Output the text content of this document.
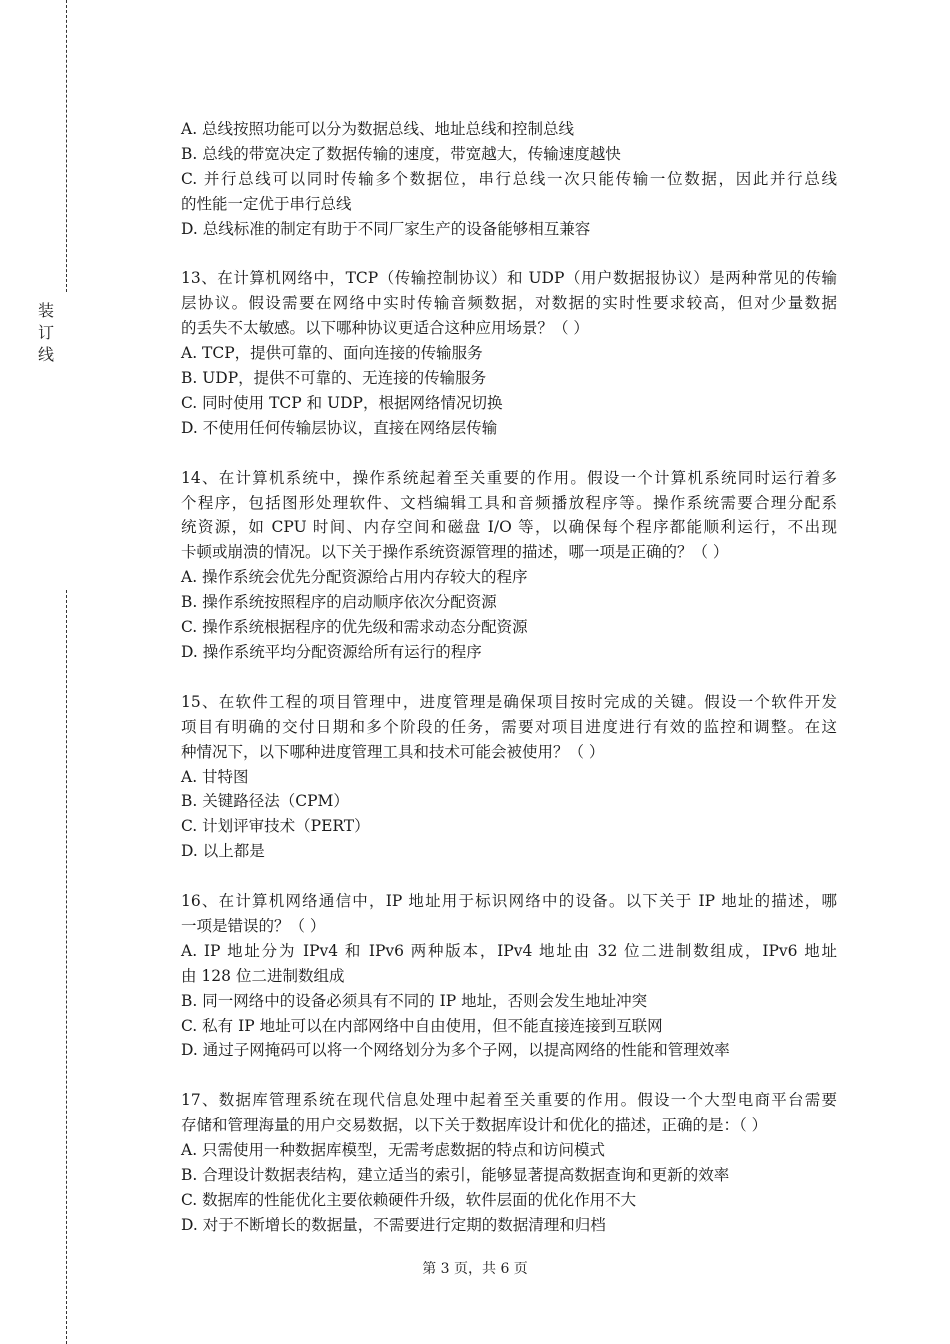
装
订
线
A. 总线按照功能可以分为数据总线、地址总线和控制总线
B. 总线的带宽决定了数据传输的速度，带宽越大，传输速度越快
C. 并行总线可以同时传输多个数据位，串行总线一次只能传输一位数据，因此并行总线
的性能一定优于串行总线
D. 总线标准的制定有助于不同厂家生产的设备能够相互兼容
13、在计算机网络中，TCP（传输控制协议）和 UDP（用户数据报协议）是两种常见的传输
层协议。假设需要在网络中实时传输音频数据，对数据的实时性要求较高，但对少量数据
的丢失不太敏感。以下哪种协议更适合这种应用场景？（ ）
A. TCP，提供可靠的、面向连接的传输服务
B. UDP，提供不可靠的、无连接的传输服务
C. 同时使用 TCP 和 UDP，根据网络情况切换
D. 不使用任何传输层协议，直接在网络层传输
14、在计算机系统中，操作系统起着至关重要的作用。假设一个计算机系统同时运行着多
个程序，包括图形处理软件、文档编辑工具和音频播放程序等。操作系统需要合理分配系
统资源，如 CPU 时间、内存空间和磁盘 I/O 等，以确保每个程序都能顺利运行，不出现
卡顿或崩溃的情况。以下关于操作系统资源管理的描述，哪一项是正确的？（ ）
A. 操作系统会优先分配资源给占用内存较大的程序
B. 操作系统按照程序的启动顺序依次分配资源
C. 操作系统根据程序的优先级和需求动态分配资源
D. 操作系统平均分配资源给所有运行的程序
15、在软件工程的项目管理中，进度管理是确保项目按时完成的关键。假设一个软件开发
项目有明确的交付日期和多个阶段的任务，需要对项目进度进行有效的监控和调整。在这
种情况下，以下哪种进度管理工具和技术可能会被使用？（ ）
A. 甘特图
B. 关键路径法（CPM）
C. 计划评审技术（PERT）
D. 以上都是
16、在计算机网络通信中，IP 地址用于标识网络中的设备。以下关于 IP 地址的描述，哪
一项是错误的？（ ）
A. IP 地址分为 IPv4 和 IPv6 两种版本，IPv4 地址由 32 位二进制数组成，IPv6 地址
由 128 位二进制数组成
B. 同一网络中的设备必须具有不同的 IP 地址，否则会发生地址冲突
C. 私有 IP 地址可以在内部网络中自由使用，但不能直接连接到互联网
D. 通过子网掩码可以将一个网络划分为多个子网，以提高网络的性能和管理效率
17、数据库管理系统在现代信息处理中起着至关重要的作用。假设一个大型电商平台需要
存储和管理海量的用户交易数据，以下关于数据库设计和优化的描述，正确的是：（ ）
A. 只需使用一种数据库模型，无需考虑数据的特点和访问模式
B. 合理设计数据表结构，建立适当的索引，能够显著提高数据查询和更新的效率
C. 数据库的性能优化主要依赖硬件升级，软件层面的优化作用不大
D. 对于不断增长的数据量，不需要进行定期的数据清理和归档
第 3 页，共 6 页
